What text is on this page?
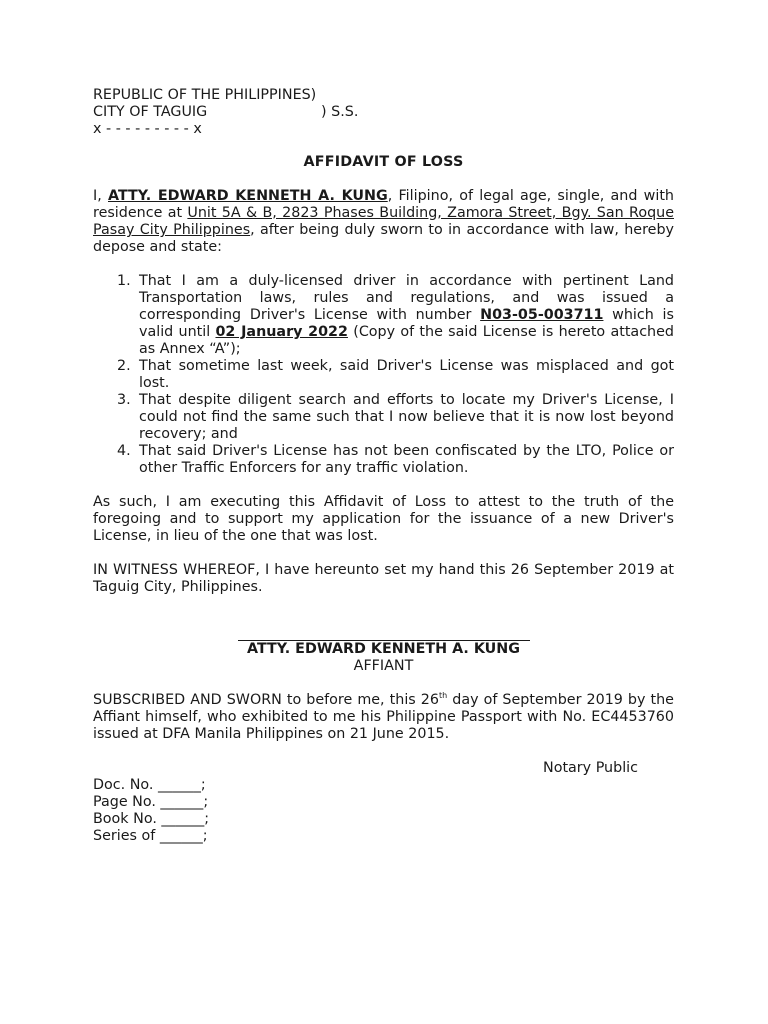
REPUBLIC OF THE PHILIPPINES)
CITY OF TAGUIG	) S.S.
x - - - - - - - - - x
AFFIDAVIT OF LOSS

I, ATTY. EDWARD KENNETH A. KUNG, Filipino, of legal age, single, and with residence at Unit 5A & B, 2823 Phases Building, Zamora Street, Bgy. San Roque Pasay City Philippines, after being duly sworn to in accordance with law, hereby depose and state:

1. That I am a duly-licensed driver in accordance with pertinent Land Transportation laws, rules and regulations, and was issued a corresponding Driver's License with number N03-05-003711 which is valid until 02 January 2022 (Copy of the said License is hereto attached as Annex “A”);
2. That sometime last week, said Driver's License was misplaced and got lost.
3. That despite diligent search and efforts to locate my Driver's License, I could not find the same such that I now believe that it is now lost beyond recovery; and
4. That said Driver's License has not been confiscated by the LTO, Police or other Traffic Enforcers for any traffic violation.

As such, I am executing this Affidavit of Loss to attest to the truth of the foregoing and to support my application for the issuance of a new Driver's License, in lieu of the one that was lost.

IN WITNESS WHEREOF, I have hereunto set my hand this 26 September 2019 at Taguig City, Philippines.

ATTY. EDWARD KENNETH A. KUNG
AFFIANT

SUBSCRIBED AND SWORN to before me, this 26th day of September 2019 by the Affiant himself, who exhibited to me his Philippine Passport with No. EC4453760 issued at DFA Manila Philippines on 21 June 2015.

Notary Public
Doc. No. ______;
Page No. ______;
Book No. ______;
Series of ______;
